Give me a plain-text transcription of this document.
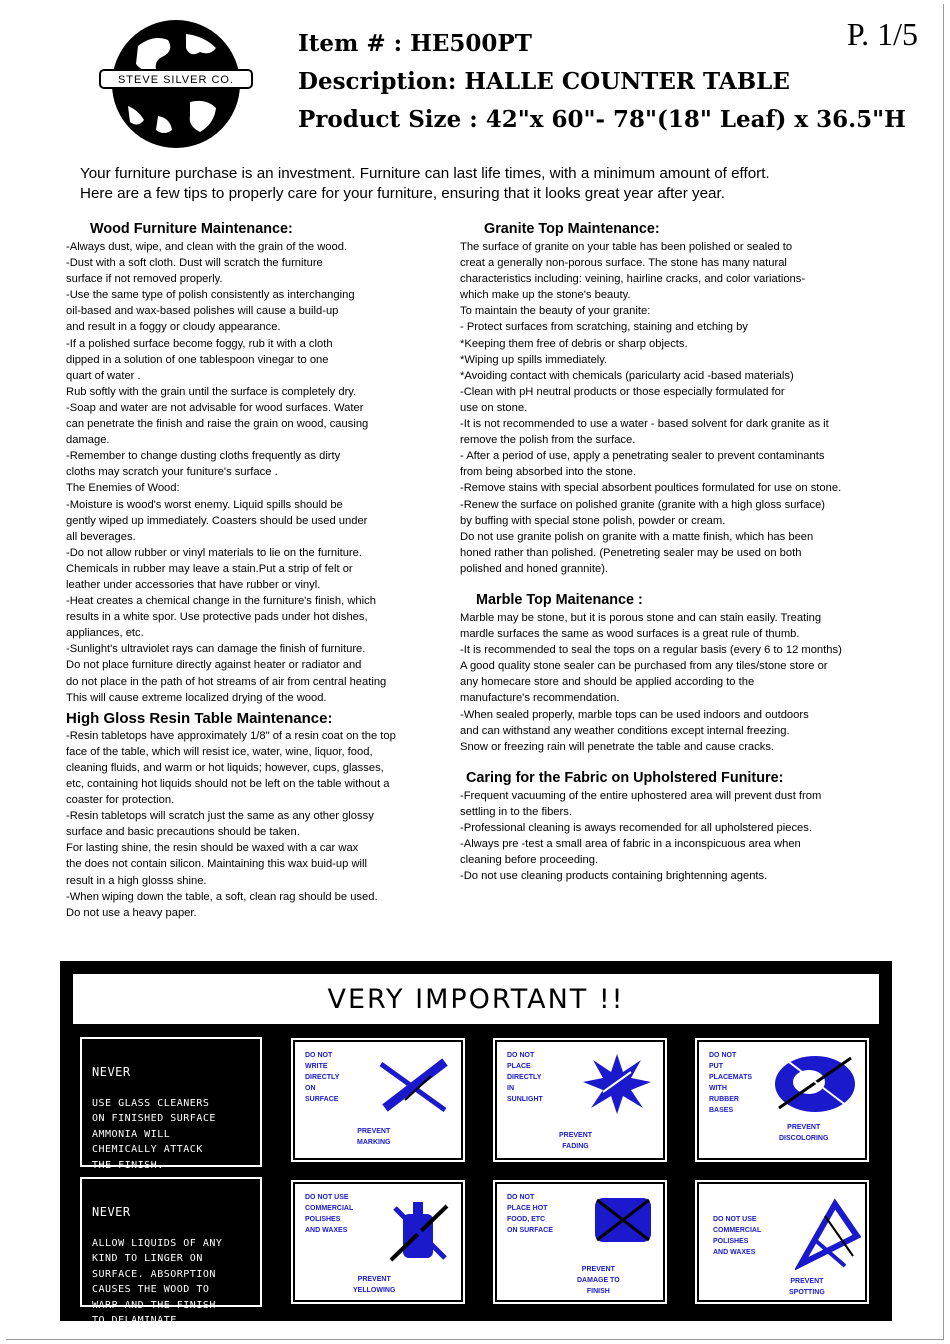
STEVE SILVER CO.
Item # : HE500PT
Description: HALLE COUNTER TABLE
Product Size : 42"x 60"- 78"(18" Leaf) x 36.5"H
P. 1/5
Your furniture purchase is an investment. Furniture can last life times, with a minimum amount of effort.
Here are a few tips to properly care for your furniture, ensuring that it looks great year after year.
Wood Furniture Maintenance:

-Always dust, wipe, and clean with the grain of the wood.
-Dust with a soft cloth. Dust will scratch the furniture
surface if not removed properly.
-Use the same type of polish consistently as interchanging
oil-based and wax-based polishes will cause a build-up
and result in a foggy or cloudy appearance.
-If a polished surface become foggy, rub it with a cloth
dipped in a solution of one tablespoon vinegar to one
quart of water .
Rub softly with the grain until the surface is completely dry.
-Soap and water are not advisable for wood surfaces. Water
can penetrate the finish and raise the grain on wood, causing
damage.
-Remember to change dusting cloths frequently as dirty
cloths may scratch your funiture's surface .
The Enemies of Wood:
-Moisture is wood's worst enemy. Liquid spills should be
gently wiped up immediately. Coasters should be used under
all beverages.
-Do not allow rubber or vinyl materials to lie on the furniture.
Chemicals in rubber may leave a stain.Put a strip of felt or
leather under accessories that have rubber or vinyl.
-Heat creates a chemical change in the furniture's finish, which
results in a white spor. Use protective pads under hot dishes,
appliances, etc.
-Sunlight's ultraviolet rays can damage the finish of furniture.
Do not place furniture directly against heater or radiator and
do not place in the path of hot streams of air from central heating
This will cause extreme localized drying of the wood.

High Gloss Resin Table Maintenance:

-Resin tabletops have approximately 1/8" of a resin coat on the top
face of the table, which will resist ice, water, wine, liquor, food,
cleaning fluids, and warm or hot liquids; however, cups, glasses,
etc, containing hot liquids should not be left on the table without a
coaster for protection.
-Resin tabletops will scratch just the same as any other glossy
surface and basic precautions should be taken.
For lasting shine, the resin should be waxed with a car wax
the does not contain silicon. Maintaining this wax buid-up will
result in a high glosss shine.
-When wiping down the table, a soft, clean rag should be used.
Do not use a heavy paper.

Granite Top Maintenance:

The surface of granite on your table has been polished or sealed to
creat a generally non-porous surface. The stone has many natural
characteristics including: veining, hairline cracks, and color variations-
which make up the stone's beauty.
To maintain the beauty of your granite:
- Protect surfaces from scratching, staining and etching by
*Keeping them free of debris or sharp objects.
*Wiping up spills immediately.
*Avoiding contact with chemicals (paricularty acid -based materials)
-Clean with pH neutral products or those especially formulated for
use on stone.
-It is not recommended to use a water - based solvent for dark granite as it
remove the polish from the surface.
- After a period of use, apply a penetrating sealer to prevent contaminants
from being absorbed into the stone.
-Remove stains with special absorbent poultices formulated for use on stone.
-Renew the surface on polished granite (granite with a high gloss surface)
by buffing with special stone polish, powder or cream.
Do not use granite polish on granite with a matte finish, which has been
honed rather than polished. (Penetreting sealer may be used on both
polished and honed grannite).

Marble Top Maitenance :

Marble may be stone, but it is porous stone and can stain easily. Treating
mardle surfaces the same as wood surfaces is a great rule of thumb.
-It is recommended to seal the tops on a regular basis (every 6 to 12 months)
A good quality stone sealer can be purchased from any tiles/stone store or
any homecare store and should be applied according to the
manufacture's recommendation.
-When sealed properly, marble tops can be used indoors and outdoors
and can withstand any weather conditions except internal freezing.
Snow or freezing rain will penetrate the table and cause cracks.

Caring for the Fabric on Upholstered Funiture:

-Frequent vacuuming of the entire uphostered area will prevent dust from
settling in to the fibers.
-Professional cleaning is aways recomended for all upholstered pieces.
-Always pre -test a small area of fabric in a inconspicuous area when
cleaning before proceeding.
-Do not use cleaning products containing brightenning agents.

VERY IMPORTANT !!

NEVER

USE GLASS CLEANERS
ON FINISHED SURFACE
AMMONIA WILL
CHEMICALLY ATTACK
THE FINISH.

NEVER

ALLOW LIQUIDS OF ANY
KIND TO LINGER ON
SURFACE. ABSORPTION
CAUSES THE WOOD TO
WARP AND THE FINISH
TO DELAMINATE.

DO NOT
WRITE
DIRECTLY
ON
SURFACE
PREVENT
MARKING
DO NOT
PLACE
DIRECTLY
IN
SUNLIGHT
PREVENT
FADING
DO NOT
PUT
PLACEMATS
WITH
RUBBER
BASES
PREVENT
DISCOLORING
DO NOT USE
COMMERCIAL
POLISHES
AND WAXES
PREVENT
YELLOWING
DO NOT
PLACE HOT
FOOD, ETC
ON SURFACE
PREVENT
DAMAGE TO
FINISH
DO NOT USE
COMMERCIAL
POLISHES
AND WAXES
PREVENT
SPOTTING
